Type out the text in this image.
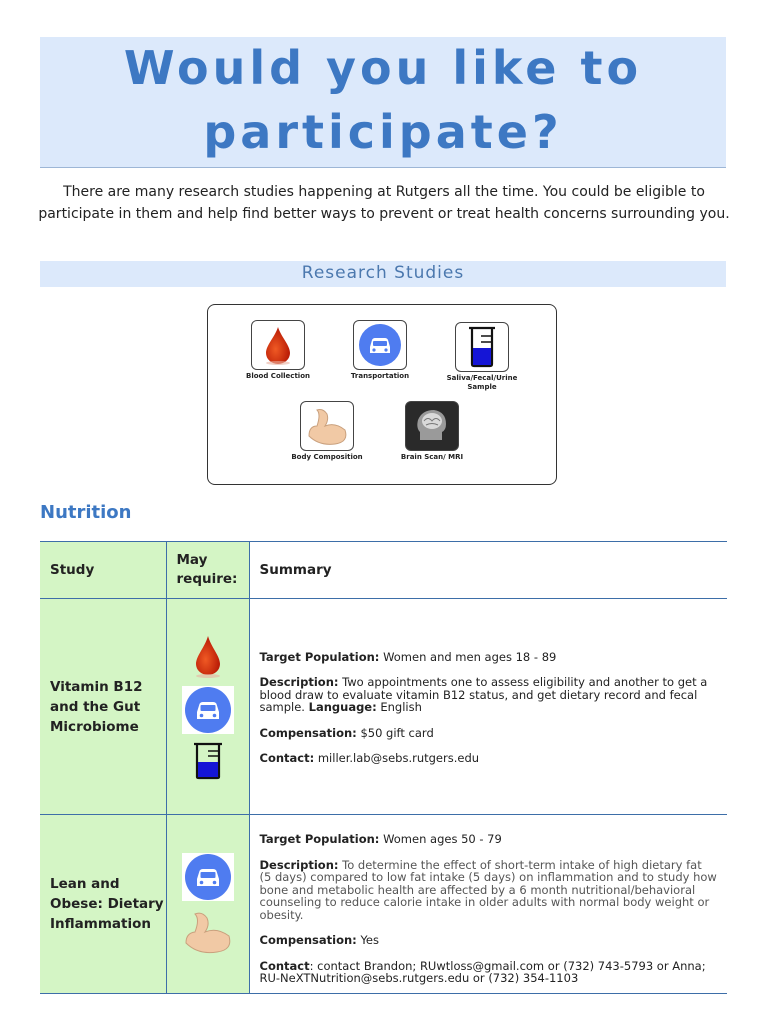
Would you like to
participate?
There are many research studies happening at Rutgers all the time. You could be eligible to participate in them and help find better ways to prevent or treat health concerns surrounding you.
Research Studies
Blood Collection	Transportation	Saliva/Fecal/Urine Sample
Body Composition	Brain Scan/ MRI
Nutrition
Study	May require:	Summary

Vitamin B12 and the Gut Microbiome		Target Population: Women and men ages 18 - 89

Description: Two appointments one to assess eligibility and another to get a blood draw to evaluate vitamin B12 status, and get dietary record and fecal sample. Language: English

Compensation: $50 gift card

Contact: miller.lab@sebs.rutgers.edu

Lean and Obese: Dietary Inflammation		Target Population: Women ages 50 - 79

Description: To determine the effect of short-term intake of high dietary fat (5 days) compared to low fat intake (5 days) on inflammation and to study how bone and metabolic health are affected by a 6 month nutritional/behavioral counseling to reduce calorie intake in older adults with normal body weight or obesity.

Compensation: Yes

Contact: contact Brandon; RUwtloss@gmail.com or (732) 743-5793 or Anna; RU-NeXTNutrition@sebs.rutgers.edu or (732) 354-1103
